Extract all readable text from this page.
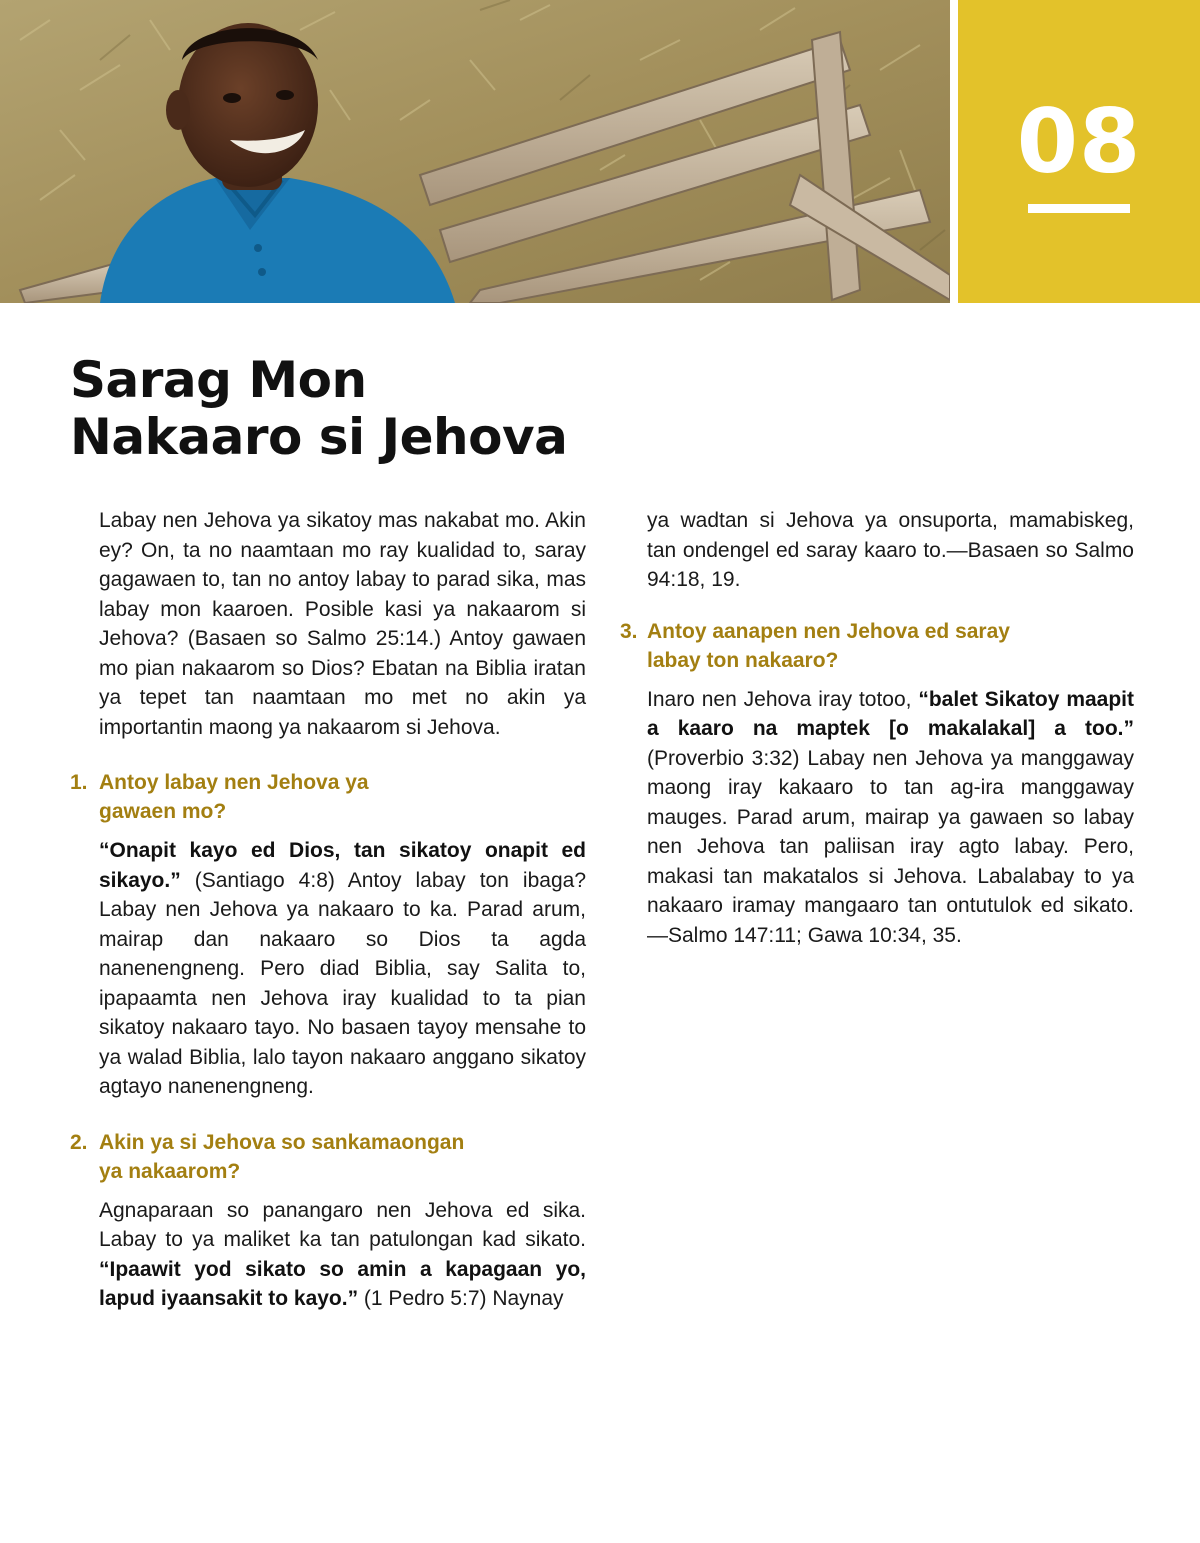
08
Sarag Mon
Nakaaro si Jehova

Labay nen Jehova ya sikatoy mas nakabat mo. Akin ey? On, ta no naamtaan mo ray kualidad to, saray gagawaen to, tan no antoy labay to parad sika, mas labay mon kaaroen. Posible kasi ya nakaarom si Jehova? (Basaen so Salmo 25:14.) Antoy gawaen mo pian nakaarom so Dios? Ebatan na Biblia iratan ya tepet tan naamtaan mo met no akin ya importantin maong ya nakaarom si Jehova.

1. Antoy labay nen Jehova ya
gawaen mo?

“Onapit kayo ed Dios, tan sikatoy onapit ed sikayo.” (Santiago 4:8) Antoy labay ton ibaga? Labay nen Jehova ya nakaaro to ka. Parad arum, mairap dan nakaaro so Dios ta agda nanenengneng. Pero diad Biblia, say Salita to, ipapaamta nen Jehova iray kualidad to ta pian sikatoy nakaaro tayo. No basaen tayoy mensahe to ya walad Biblia, lalo tayon nakaaro anggano sikatoy agtayo nanenengneng.

2. Akin ya si Jehova so sankamaongan
ya nakaarom?

Agnaparaan so panangaro nen Jehova ed sika. Labay to ya maliket ka tan patulongan kad sikato. “Ipaawit yod sikato so amin a kapagaan yo, lapud iyaansakit to kayo.” (1 Pedro 5:7) Naynay

ya wadtan si Jehova ya onsuporta, mamabiskeg, tan ondengel ed saray kaaro to.—Basaen so Salmo 94:18, 19.

3. Antoy aanapen nen Jehova ed saray
labay ton nakaaro?

Inaro nen Jehova iray totoo, “balet Sikatoy maapit a kaaro na maptek [o makalakal] a too.” (Proverbio 3:32) Labay nen Jehova ya manggaway maong iray kakaaro to tan ag-ira manggaway mauges. Parad arum, mairap ya gawaen so labay nen Jehova tan paliisan iray agto labay. Pero, makasi tan makatalos si Jehova. Labalabay to ya nakaaro iramay mangaaro tan ontutulok ed sikato.—Salmo 147:11; Gawa 10:34, 35.
